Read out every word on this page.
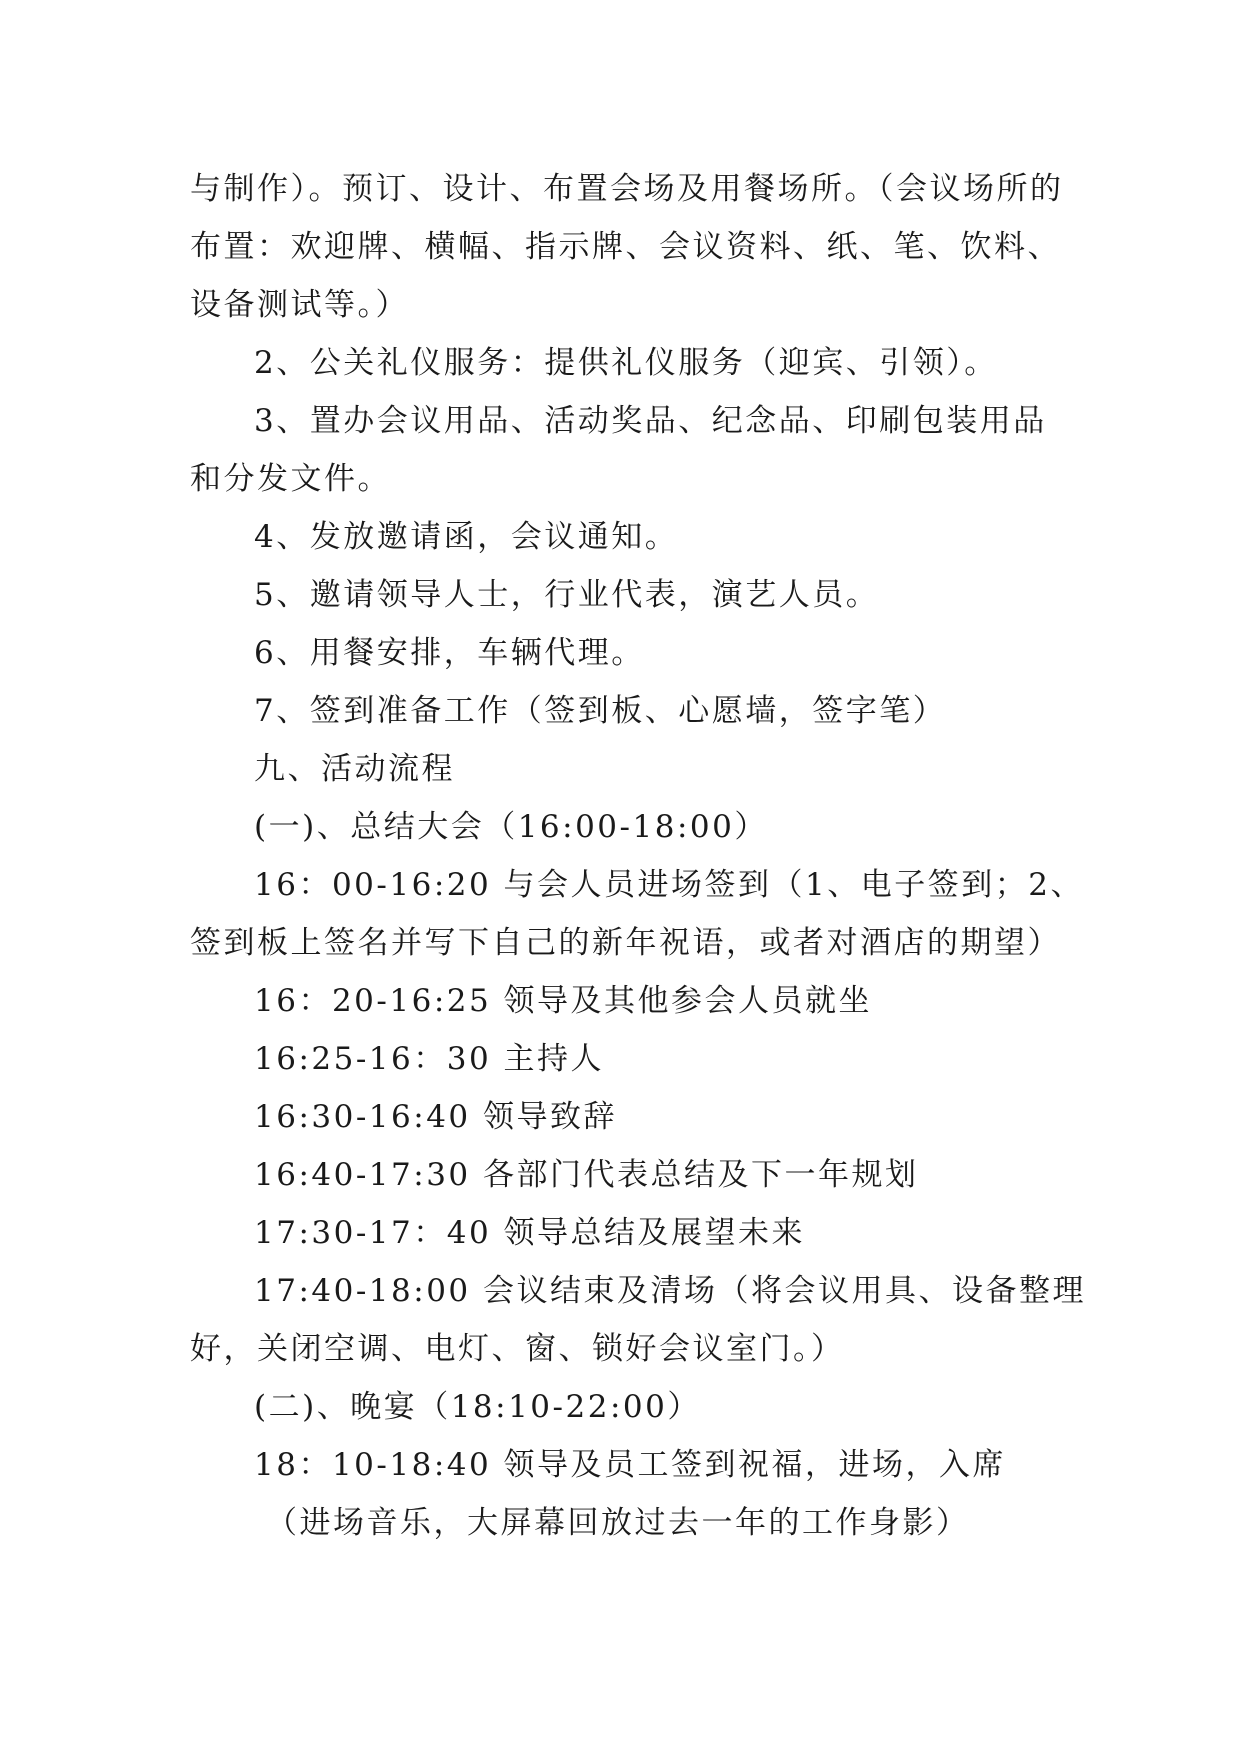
与制作）。预订、设计、布置会场及用餐场所。（会议场所的
布置：欢迎牌、横幅、指示牌、会议资料、纸、笔、饮料、
设备测试等。）
2、公关礼仪服务：提供礼仪服务（迎宾、引领）。
3、置办会议用品、活动奖品、纪念品、印刷包装用品
和分发文件。
4、发放邀请函，会议通知。
5、邀请领导人士，行业代表，演艺人员。
6、用餐安排，车辆代理。
7、签到准备工作（签到板、心愿墙，签字笔）
九、活动流程
(一)、总结大会（16:00-18:00）
16：00-16:20 与会人员进场签到（1、电子签到；2、
签到板上签名并写下自己的新年祝语，或者对酒店的期望）
16：20-16:25 领导及其他参会人员就坐
16:25-16：30 主持人
16:30-16:40 领导致辞
16:40-17:30 各部门代表总结及下一年规划
17:30-17：40 领导总结及展望未来
17:40-18:00 会议结束及清场（将会议用具、设备整理
好，关闭空调、电灯、窗、锁好会议室门。）
(二)、晚宴（18:10-22:00）
18：10-18:40 领导及员工签到祝福，进场，入席
（进场音乐，大屏幕回放过去一年的工作身影）
